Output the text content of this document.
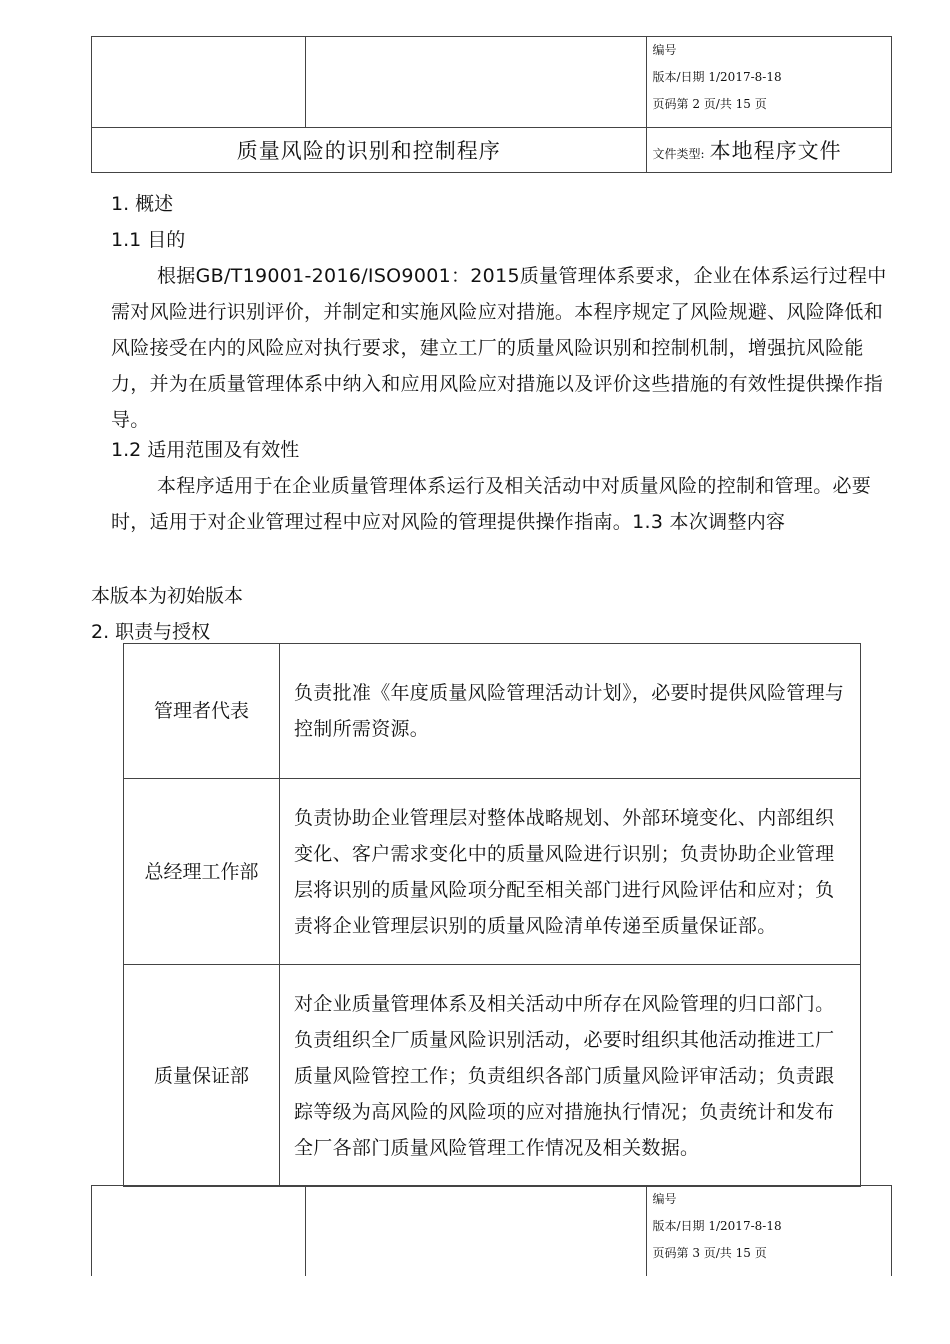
		编号
版本/日期 1/2017-8-18
页码第 2 页/共 15 页

质量风险的识别和控制程序		文件类型: 本地程序文件
1. 概述
1.1 目的
根据GB/T19001-2016/ISO9001：2015质量管理体系要求，企业在体系运行过程中需对风险进行识别评价，并制定和实施风险应对措施。本程序规定了风险规避、风险降低和风险接受在内的风险应对执行要求，建立工厂的质量风险识别和控制机制，增强抗风险能力，并为在质量管理体系中纳入和应用风险应对措施以及评价这些措施的有效性提供操作指导。
1.2 适用范围及有效性
本程序适用于在企业质量管理体系运行及相关活动中对质量风险的控制和管理。必要时，适用于对企业管理过程中应对风险的管理提供操作指南。1.3 本次调整内容
本版本为初始版本
2. 职责与授权
管理者代表	负责批准《年度质量风险管理活动计划》，必要时提供风险管理与控制所需资源。
总经理工作部	负责协助企业管理层对整体战略规划、外部环境变化、内部组织变化、客户需求变化中的质量风险进行识别；负责协助企业管理层将识别的质量风险项分配至相关部门进行风险评估和应对；负责将企业管理层识别的质量风险清单传递至质量保证部。
质量保证部	对企业质量管理体系及相关活动中所存在风险管理的归口部门。负责组织全厂质量风险识别活动，必要时组织其他活动推进工厂质量风险管控工作；负责组织各部门质量风险评审活动；负责跟踪等级为高风险的风险项的应对措施执行情况；负责统计和发布全厂各部门质量风险管理工作情况及相关数据。

编号
版本/日期 1/2017-8-18
页码第 3 页/共 15 页
